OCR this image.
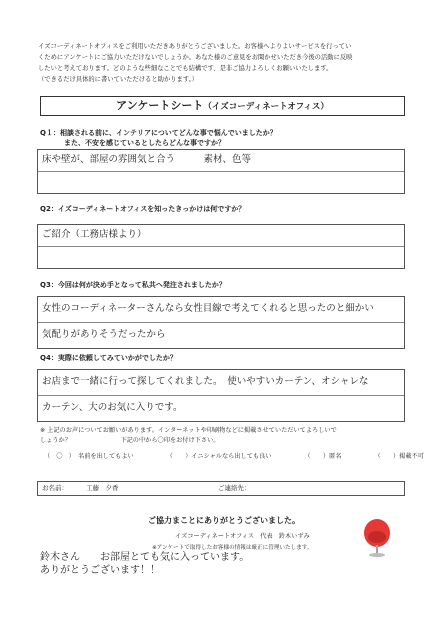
イズコーディネートオフィスをご利用いただきありがとうございました。お客様へよりよいサービスを行ってい
くためにアンケートにご協力いただけないでしょうか。あなた様のご意見をお聞かせいただき今後の活動に反映
したいと考えております。どのような些細なことでも結構です、是非ご協力よろしくお願いいたします。
（できるだけ具体的に書いていただけると助かります。）
アンケートシート（イズコーディネートオフィス）
Q１：相談される前に、インテリアについてどんな事で悩んでいましたか？
また、不安を感じているとしたらどんな事ですか？
床や壁が、部屋の雰囲気と合う　　　素材、色等
Q2：イズコーディネートオフィスを知ったきっかけは何ですか？
ご紹介（工務店様より）
Q3：今回は何が決め手となって私共へ発注されましたか？
女性のコーディネーターさんなら女性目線で考えてくれると思ったのと細かい
気配りがありそうだったから
Q4：実際に依頼してみていかがでしたか？
お店まで一緒に行って探してくれました。　使いやすいカーテン、オシャレな
カーテン、大のお気に入りです。
※ 上記のお声についてお願いがあります。インターネットや印刷物などに掲載させていただいてよろしいで
しょうか？　　　　　　　　下記の中から〇印をお付け下さい。
（　〇　）　名前を出してもよい	（　　）イニシャルなら出しても良い	（　　）匿名	（　　）掲載不可
お名前：	工藤　夕香	ご連絡先：
ご協力まことにありがとうございました。
イズコーディネートオフィス　代表　鈴木いずみ
※アンケートで取得したお客様の情報は厳正に管理いたします。
鈴木さん　　お部屋とても気に入っています。
ありがとうございます！！
